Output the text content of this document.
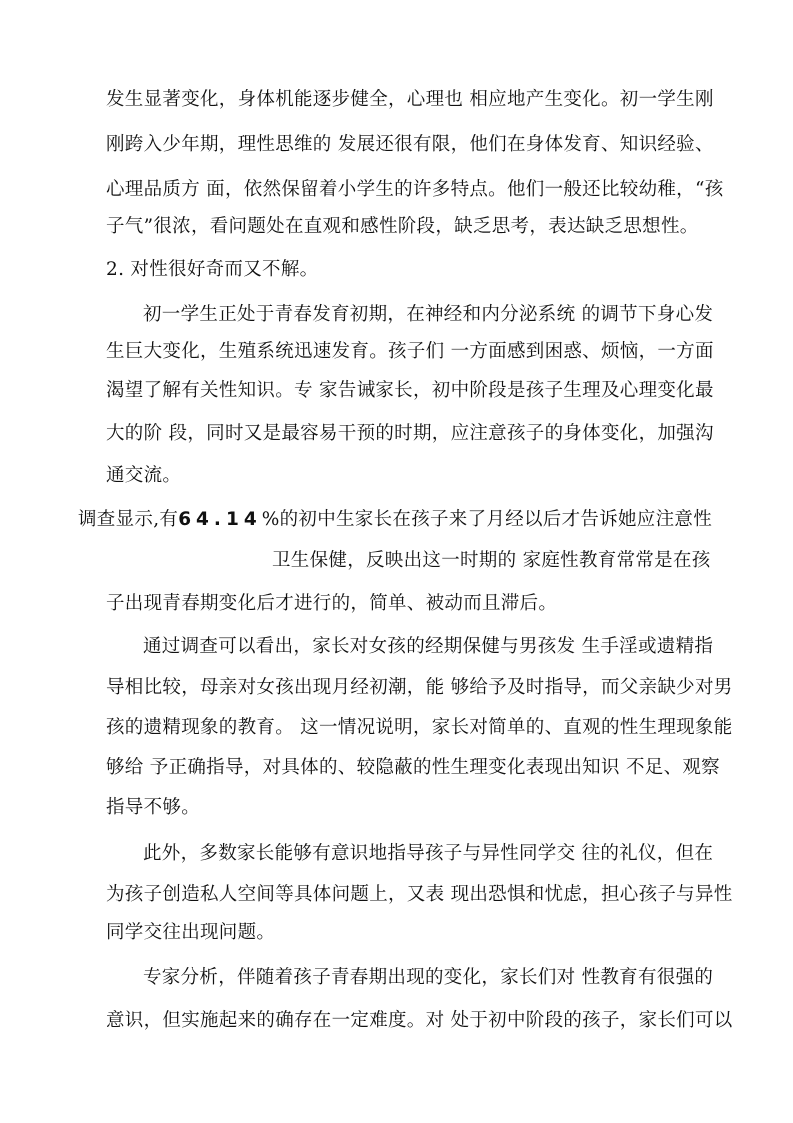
发生显著变化，身体机能逐步健全，心理也 相应地产生变化。初一学生刚
刚跨入少年期，理性思维的 发展还很有限，他们在身体发育、知识经验、
心理品质方 面，依然保留着小学生的许多特点。他们一般还比较幼稚，“孩
子气”很浓，看问题处在直观和感性阶段，缺乏思考，表达缺乏思想性。
2. 对性很好奇而又不解。
初一学生正处于青春发育初期，在神经和内分泌系统 的调节下身心发
生巨大变化，生殖系统迅速发育。孩子们 一方面感到困惑、烦恼，一方面
渴望了解有关性知识。专 家告诫家长，初中阶段是孩子生理及心理变化最
大的阶 段，同时又是最容易干预的时期，应注意孩子的身体变化，加强沟
通交流。
调查显示,有64.14%的初中生家长在孩子来了月经以后才告诉她应注意性
卫生保健，反映出这一时期的 家庭性教育常常是在孩
子出现青春期变化后才进行的，简单、被动而且滞后。
通过调查可以看出，家长对女孩的经期保健与男孩发 生手淫或遗精指
导相比较，母亲对女孩出现月经初潮，能 够给予及时指导，而父亲缺少对男
孩的遗精现象的教育。 这一情况说明，家长对简单的、直观的性生理现象能
够给 予正确指导，对具体的、较隐蔽的性生理变化表现出知识 不足、观察
指导不够。
此外，多数家长能够有意识地指导孩子与异性同学交 往的礼仪，但在
为孩子创造私人空间等具体问题上，又表 现出恐惧和忧虑，担心孩子与异性
同学交往出现问题。
专家分析，伴随着孩子青春期出现的变化，家长们对 性教育有很强的
意识，但实施起来的确存在一定难度。对 处于初中阶段的孩子，家长们可以
